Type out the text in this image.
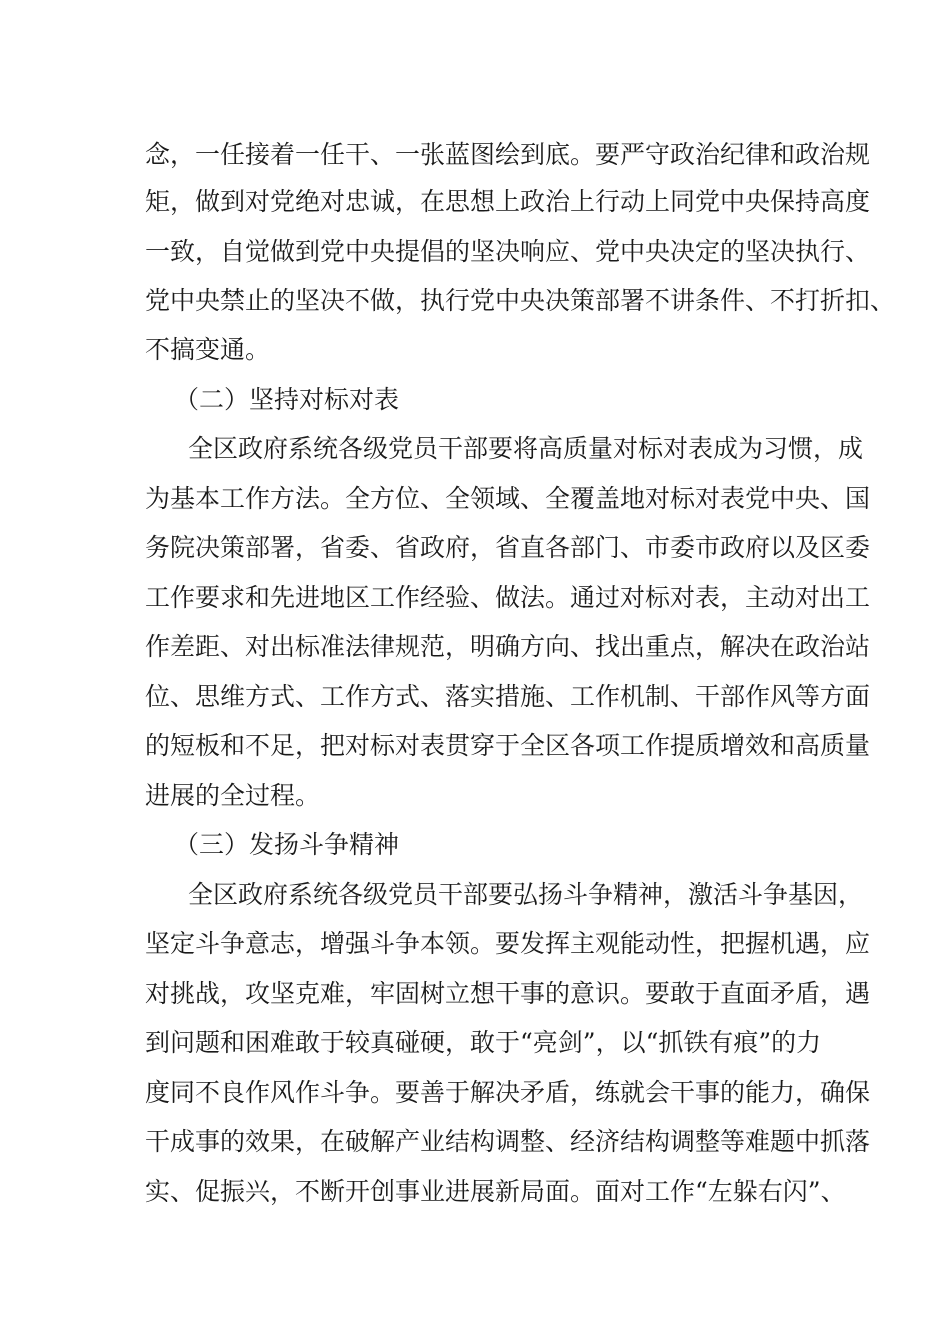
念，一任接着一任干、一张蓝图绘到底。要严守政治纪律和政治规
矩，做到对党绝对忠诚，在思想上政治上行动上同党中央保持高度
一致，自觉做到党中央提倡的坚决响应、党中央决定的坚决执行、
党中央禁止的坚决不做，执行党中央决策部署不讲条件、不打折扣、
不搞变通。
（二）坚持对标对表
全区政府系统各级党员干部要将高质量对标对表成为习惯，成
为基本工作方法。全方位、全领域、全覆盖地对标对表党中央、国
务院决策部署，省委、省政府，省直各部门、市委市政府以及区委
工作要求和先进地区工作经验、做法。通过对标对表，主动对出工
作差距、对出标准法律规范，明确方向、找出重点，解决在政治站
位、思维方式、工作方式、落实措施、工作机制、干部作风等方面
的短板和不足，把对标对表贯穿于全区各项工作提质增效和高质量
进展的全过程。
（三）发扬斗争精神
全区政府系统各级党员干部要弘扬斗争精神，激活斗争基因，
坚定斗争意志，增强斗争本领。要发挥主观能动性，把握机遇，应
对挑战，攻坚克难，牢固树立想干事的意识。要敢于直面矛盾，遇
到问题和困难敢于较真碰硬，敢于“亮剑”，以“抓铁有痕”的力
度同不良作风作斗争。要善于解决矛盾，练就会干事的能力，确保
干成事的效果，在破解产业结构调整、经济结构调整等难题中抓落
实、促振兴，不断开创事业进展新局面。面对工作“左躲右闪”、
